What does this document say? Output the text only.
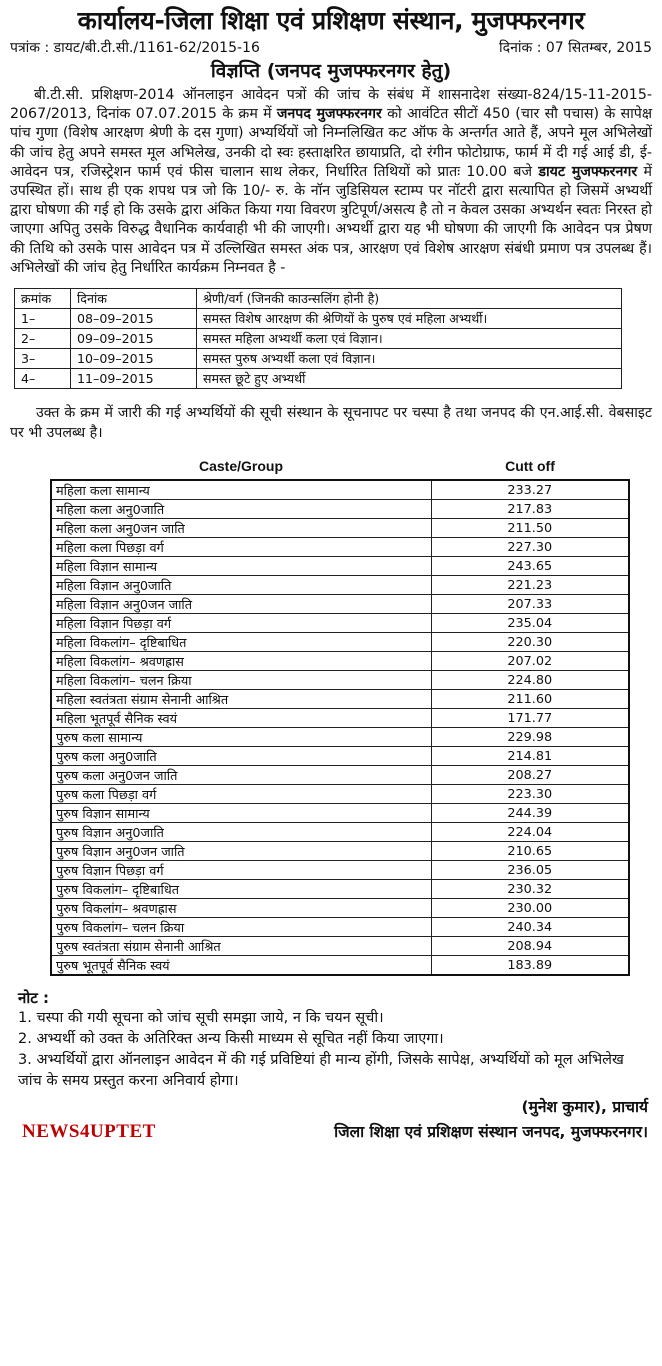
कार्यालय-जिला शिक्षा एवं प्रशिक्षण संस्थान, मुजफ्फरनगर
पत्रांक : डायट/बी.टी.सी./1161-62/2015-16	दिनांक : 07 सितम्बर, 2015
विज्ञप्ति (जनपद मुजफ्फरनगर हेतु)

बी.टी.सी. प्रशिक्षण-2014 ऑनलाइन आवेदन पत्रों की जांच के संबंध में शासनादेश संख्या-824/15-11-2015-2067/2013, दिनांक 07.07.2015 के क्रम में जनपद मुजफ्फरनगर को आवंटित सीटों 450 (चार सौ पचास) के सापेक्ष पांच गुणा (विशेष आरक्षण श्रेणी के दस गुणा) अभ्यर्थियों जो निम्नलिखित कट ऑफ के अन्तर्गत आते हैं, अपने मूल अभिलेखों की जांच हेतु अपने समस्त मूल अभिलेख, उनकी दो स्वः हस्ताक्षरित छायाप्रति, दो रंगीन फोटोग्राफ, फार्म में दी गई आई डी, ई-आवेदन पत्र, रजिस्ट्रेशन फार्म एवं फीस चालान साथ लेकर, निर्धारित तिथियों को प्रातः 10.00 बजे डायट मुजफ्फरनगर में उपस्थित हों। साथ ही एक शपथ पत्र जो कि 10/- रु. के नॉन जुडिसियल स्टाम्प पर नॉटरी द्वारा सत्यापित हो जिसमें अभ्यर्थी द्वारा घोषणा की गई हो कि उसके द्वारा अंकित किया गया विवरण त्रुटिपूर्ण/असत्य है तो न केवल उसका अभ्यर्थन स्वतः निरस्त हो जाएगा अपितु उसके विरुद्ध वैधानिक कार्यवाही भी की जाएगी। अभ्यर्थी द्वारा यह भी घोषणा की जाएगी कि आवेदन पत्र प्रेषण की तिथि को उसके पास आवेदन पत्र में उल्लिखित समस्त अंक पत्र, आरक्षण एवं विशेष आरक्षण संबंधी प्रमाण पत्र उपलब्ध हैं। अभिलेखों की जांच हेतु निर्धारित कार्यक्रम निम्नवत है -

क्रमांक	दिनांक	श्रेणी/वर्ग (जिनकी काउन्सलिंग होनी है)
1–	08–09–2015	समस्त विशेष आरक्षण की श्रेणियों के पुरुष एवं महिला अभ्यर्थी।
2–	09–09–2015	समस्त महिला अभ्यर्थी कला एवं विज्ञान।
3–	10–09–2015	समस्त पुरुष अभ्यर्थी कला एवं विज्ञान।
4–	11–09–2015	समस्त छूटे हुए अभ्यर्थी

उक्त के क्रम में जारी की गई अभ्यर्थियों की सूची संस्थान के सूचनापट पर चस्पा है तथा जनपद की एन.आई.सी. वेबसाइट पर भी उपलब्ध है।

Caste/Group	Cutt off
महिला कला सामान्य	233.27
महिला कला अनु0जाति	217.83
महिला कला अनु0जन जाति	211.50
महिला कला पिछड़ा वर्ग	227.30
महिला विज्ञान सामान्य	243.65
महिला विज्ञान अनु0जाति	221.23
महिला विज्ञान अनु0जन जाति	207.33
महिला विज्ञान पिछड़ा वर्ग	235.04
महिला विकलांग– दृष्टिबाधित	220.30
महिला विकलांग– श्रवणह्रास	207.02
महिला विकलांग– चलन क्रिया	224.80
महिला स्वतंत्रता संग्राम सेनानी आश्रित	211.60
महिला भूतपूर्व सैनिक स्वयं	171.77
पुरुष कला सामान्य	229.98
पुरुष कला अनु0जाति	214.81
पुरुष कला अनु0जन जाति	208.27
पुरुष कला पिछड़ा वर्ग	223.30
पुरुष विज्ञान सामान्य	244.39
पुरुष विज्ञान अनु0जाति	224.04
पुरुष विज्ञान अनु0जन जाति	210.65
पुरुष विज्ञान पिछड़ा वर्ग	236.05
पुरुष विकलांग– दृष्टिबाधित	230.32
पुरुष विकलांग– श्रवणह्रास	230.00
पुरुष विकलांग– चलन क्रिया	240.34
पुरुष स्वतंत्रता संग्राम सेनानी आश्रित	208.94
पुरुष भूतपूर्व सैनिक स्वयं	183.89
नोट :
1. चस्पा की गयी सूचना को जांच सूची समझा जाये, न कि चयन सूची।
2. अभ्यर्थी को उक्त के अतिरिक्त अन्य किसी माध्यम से सूचित नहीं किया जाएगा।
3. अभ्यर्थियों द्वारा ऑनलाइन आवेदन में की गई प्रविष्टियां ही मान्य होंगी, जिसके सापेक्ष, अभ्यर्थियों को मूल अभिलेख जांच के समय प्रस्तुत करना अनिवार्य होगा।
(मुनेश कुमार), प्राचार्य
NEWS4UPTET	जिला शिक्षा एवं प्रशिक्षण संस्थान जनपद, मुजफ्फरनगर।
